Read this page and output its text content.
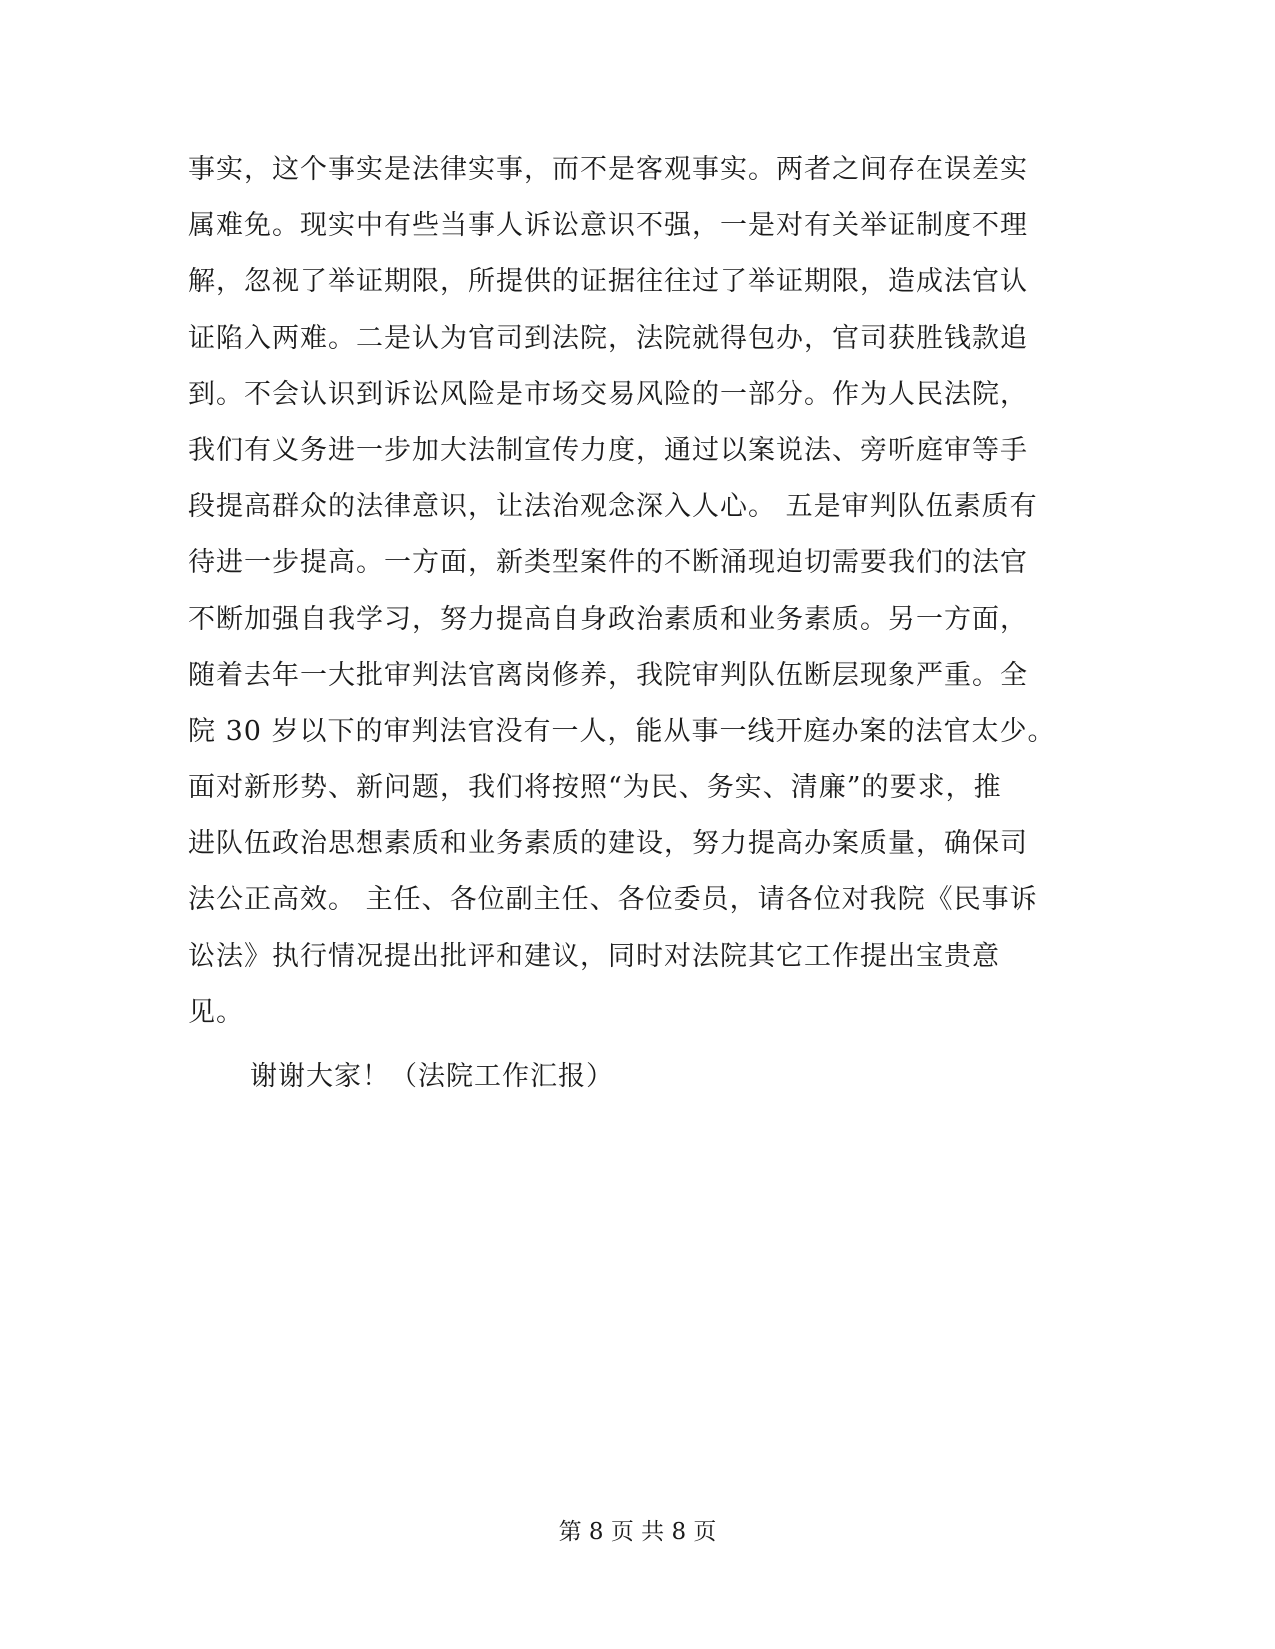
事实，这个事实是法律实事，而不是客观事实。两者之间存在误差实
属难免。现实中有些当事人诉讼意识不强，一是对有关举证制度不理
解，忽视了举证期限，所提供的证据往往过了举证期限，造成法官认
证陷入两难。二是认为官司到法院，法院就得包办，官司获胜钱款追
到。不会认识到诉讼风险是市场交易风险的一部分。作为人民法院，
我们有义务进一步加大法制宣传力度，通过以案说法、旁听庭审等手
段提高群众的法律意识，让法治观念深入人心。 五是审判队伍素质有
待进一步提高。一方面，新类型案件的不断涌现迫切需要我们的法官
不断加强自我学习，努力提高自身政治素质和业务素质。另一方面，
随着去年一大批审判法官离岗修养，我院审判队伍断层现象严重。全
院 30 岁以下的审判法官没有一人，能从事一线开庭办案的法官太少。
面对新形势、新问题，我们将按照“为民、务实、清廉”的要求，推
进队伍政治思想素质和业务素质的建设，努力提高办案质量，确保司
法公正高效。 主任、各位副主任、各位委员，请各位对我院《民事诉
讼法》执行情况提出批评和建议，同时对法院其它工作提出宝贵意
见。
谢谢大家！（法院工作汇报）
第 8 页 共 8 页
